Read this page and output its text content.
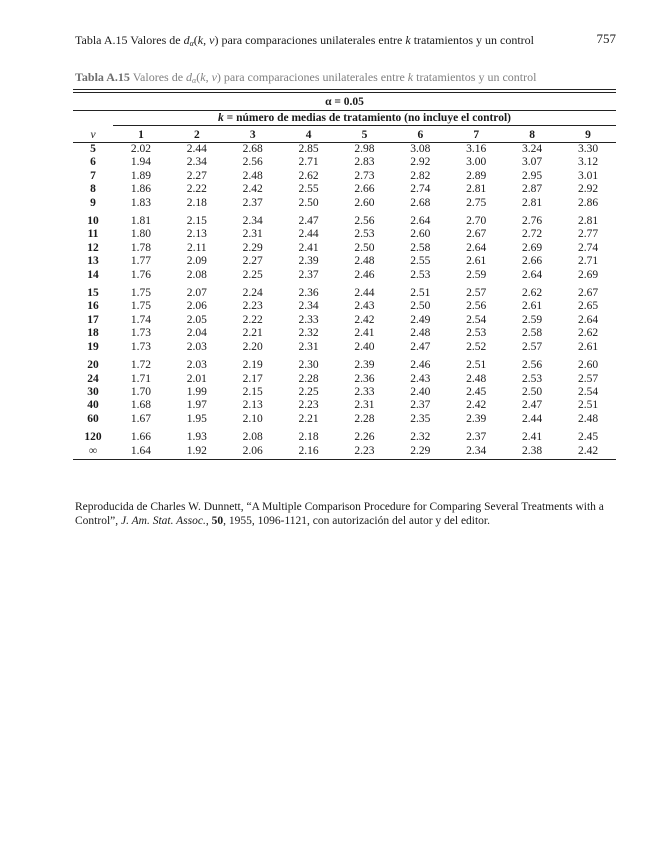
Tabla A.15 Valores de $d_\alpha(k$, v) para comparaciones unilaterales entre k tratamientos y un control	757
Tabla A.15 Valores de $d_\alpha(k$, v) para comparaciones unilaterales entre k tratamientos y un control
α = 0.05									

	k = número de medias de tratamiento (no incluye el control)								

v	1	2	3	4	5	6	7	8	9
5	2.02	2.44	2.68	2.85	2.98	3.08	3.16	3.24	3.30
6	1.94	2.34	2.56	2.71	2.83	2.92	3.00	3.07	3.12
7	1.89	2.27	2.48	2.62	2.73	2.82	2.89	2.95	3.01
8	1.86	2.22	2.42	2.55	2.66	2.74	2.81	2.87	2.92
9	1.83	2.18	2.37	2.50	2.60	2.68	2.75	2.81	2.86
10	1.81	2.15	2.34	2.47	2.56	2.64	2.70	2.76	2.81
11	1.80	2.13	2.31	2.44	2.53	2.60	2.67	2.72	2.77
12	1.78	2.11	2.29	2.41	2.50	2.58	2.64	2.69	2.74
13	1.77	2.09	2.27	2.39	2.48	2.55	2.61	2.66	2.71
14	1.76	2.08	2.25	2.37	2.46	2.53	2.59	2.64	2.69
15	1.75	2.07	2.24	2.36	2.44	2.51	2.57	2.62	2.67
16	1.75	2.06	2.23	2.34	2.43	2.50	2.56	2.61	2.65
17	1.74	2.05	2.22	2.33	2.42	2.49	2.54	2.59	2.64
18	1.73	2.04	2.21	2.32	2.41	2.48	2.53	2.58	2.62
19	1.73	2.03	2.20	2.31	2.40	2.47	2.52	2.57	2.61
20	1.72	2.03	2.19	2.30	2.39	2.46	2.51	2.56	2.60
24	1.71	2.01	2.17	2.28	2.36	2.43	2.48	2.53	2.57
30	1.70	1.99	2.15	2.25	2.33	2.40	2.45	2.50	2.54
40	1.68	1.97	2.13	2.23	2.31	2.37	2.42	2.47	2.51
60	1.67	1.95	2.10	2.21	2.28	2.35	2.39	2.44	2.48
120	1.66	1.93	2.08	2.18	2.26	2.32	2.37	2.41	2.45
∞	1.64	1.92	2.06	2.16	2.23	2.29	2.34	2.38	2.42
Reproducida de Charles W. Dunnett, “A Multiple Comparison Procedure for Comparing Several Treatments with a Control”, J. Am. Stat. Assoc., 50, 1955, 1096-1121, con autorización del autor y del editor.
